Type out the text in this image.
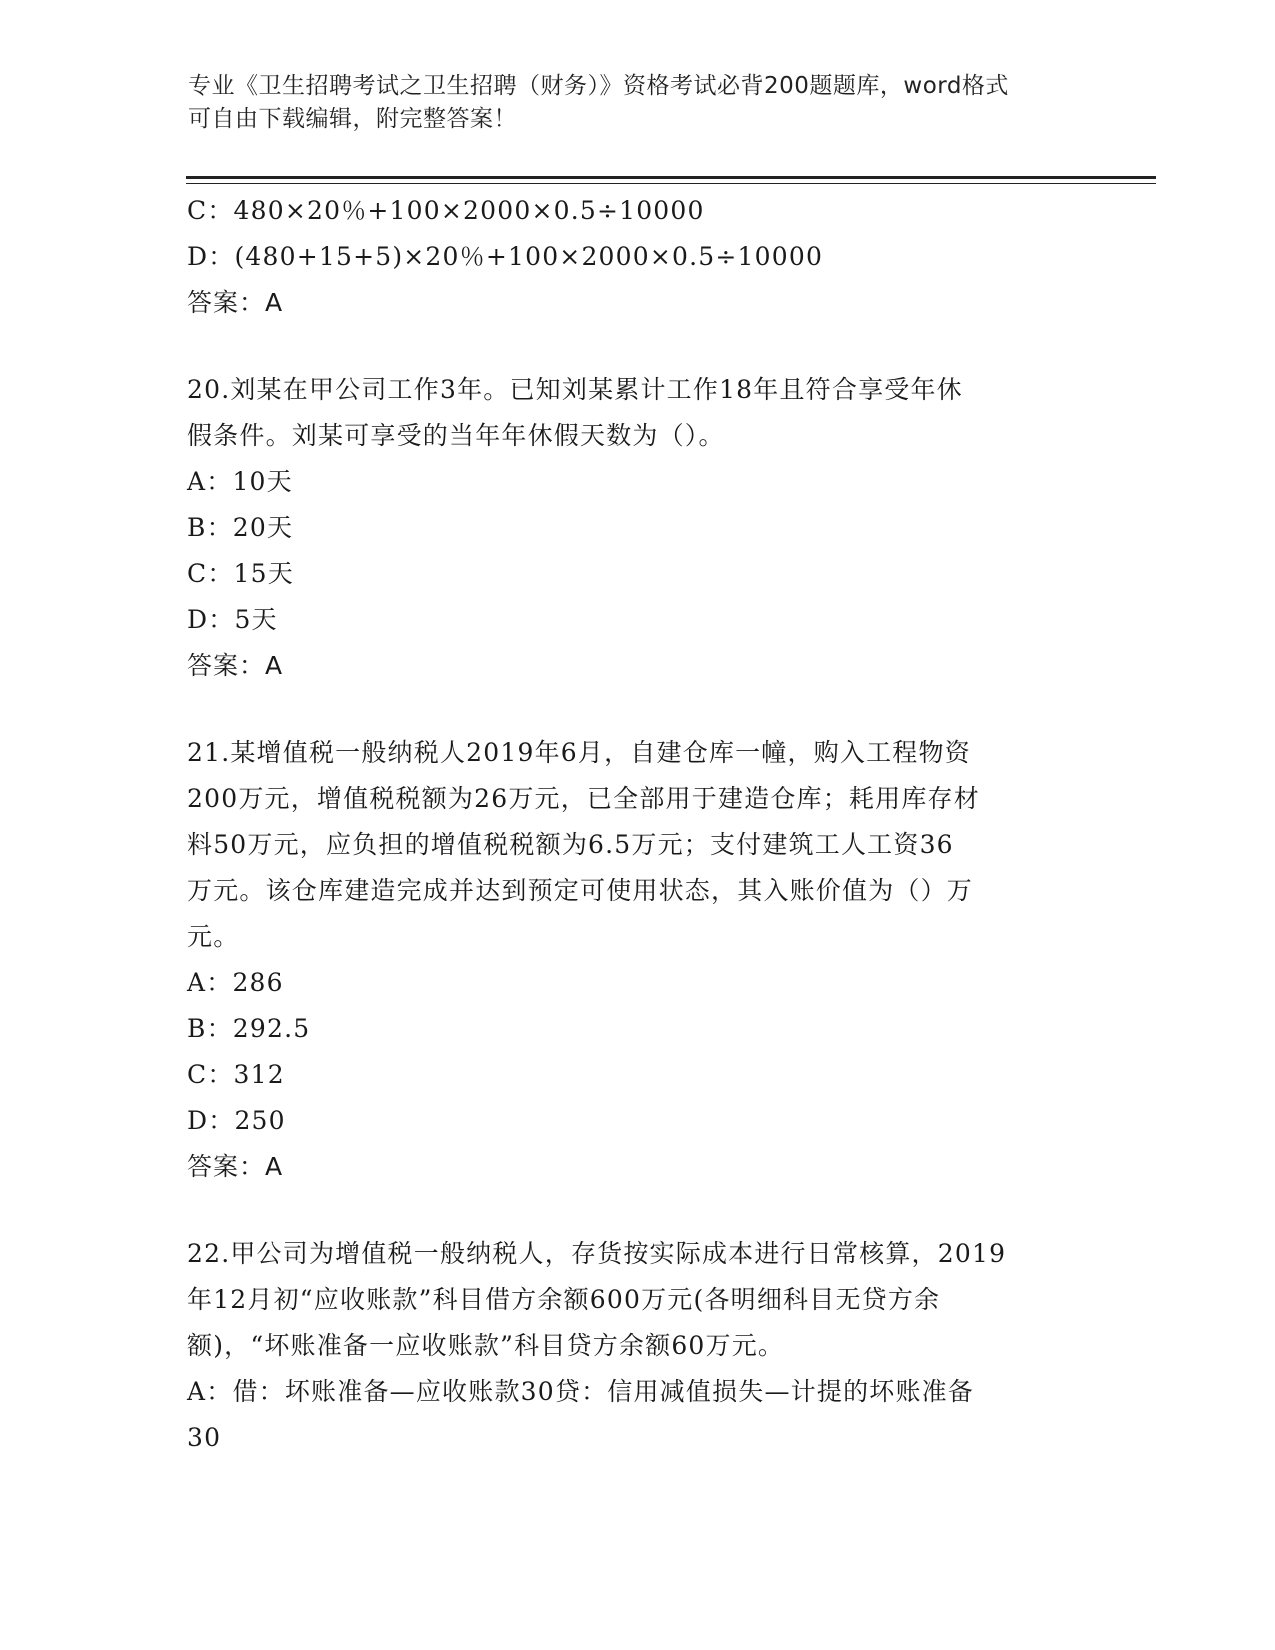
专业《卫生招聘考试之卫生招聘（财务）》资格考试必背200题题库，word格式
可自由下载编辑，附完整答案！
C：480×20％+100×2000×0.5÷10000
D：(480+15+5)×20％+100×2000×0.5÷10000
答案：A
20.刘某在甲公司工作3年。已知刘某累计工作18年且符合享受年休
假条件。刘某可享受的当年年休假天数为（）。
A：10天
B：20天
C：15天
D：5天
答案：A
21.某增值税一般纳税人2019年6月，自建仓库一幢，购入工程物资
200万元，增值税税额为26万元，已全部用于建造仓库；耗用库存材
料50万元，应负担的增值税税额为6.5万元；支付建筑工人工资36
万元。该仓库建造完成并达到预定可使用状态，其入账价值为（）万
元。
A：286
B：292.5
C：312
D：250
答案：A
22.甲公司为增值税一般纳税人，存货按实际成本进行日常核算，2019
年12月初“应收账款”科目借方余额600万元(各明细科目无贷方余
额)，“坏账准备一应收账款”科目贷方余额60万元。
A：借：坏账准备—应收账款30贷：信用减值损失—计提的坏账准备
30
